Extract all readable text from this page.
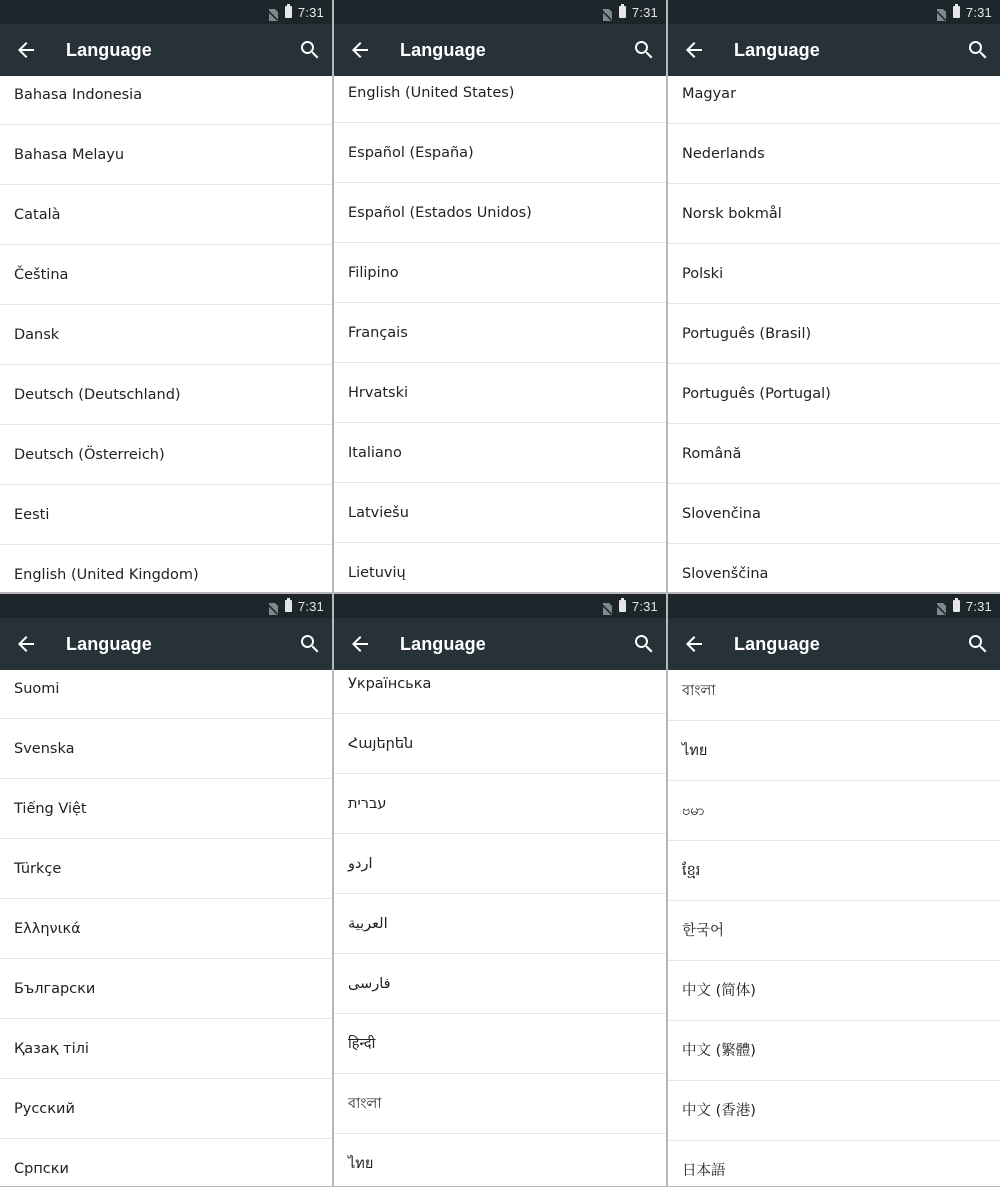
7:31
Language
Bahasa Indonesia
Bahasa Melayu
Català
Čeština
Dansk
Deutsch (Deutschland)
Deutsch (Österreich)
Eesti
English (United Kingdom)
7:31
Language
English (United States)
Español (España)
Español (Estados Unidos)
Filipino
Français
Hrvatski
Italiano
Latviešu
Lietuvių
7:31
Language
Magyar
Nederlands
Norsk bokmål
Polski
Português (Brasil)
Português (Portugal)
Română
Slovenčina
Slovenščina
7:31
Language
Suomi
Svenska
Tiếng Việt
Türkçe
Ελληνικά
Български
Қазақ тілі
Русский
Српски
7:31
Language
Українська
Հայերեն
עברית
اردو
العربية
فارسی
हिन्दी
বাংলা
ไทย
7:31
Language
বাংলা
ไทย
ဗမာ
ខ្មែរ
한국어
中文 (简体)
中文 (繁體)
中文 (香港)
日本語
